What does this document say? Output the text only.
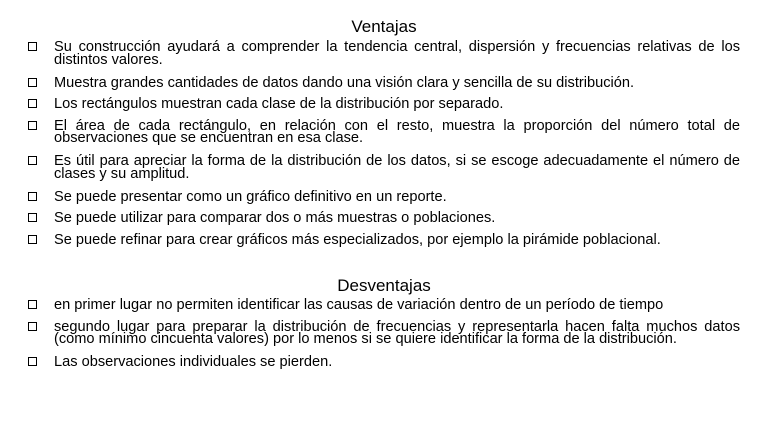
Ventajas
Su construcción ayudará a comprender la tendencia central, dispersión y frecuencias relativas de los distintos valores.
Muestra grandes cantidades de datos dando una visión clara y sencilla de su distribución.
Los rectángulos muestran cada clase de la distribución por separado.
El área de cada rectángulo, en relación con el resto, muestra la proporción del número total de observaciones que se encuentran en esa clase.
Es útil para apreciar la forma de la distribución de los datos, si se escoge adecuadamente el número de clases y su amplitud.
Se puede presentar como un gráfico definitivo en un reporte.
Se puede utilizar para comparar dos o más muestras o poblaciones.
Se puede refinar para crear gráficos más especializados, por ejemplo la pirámide poblacional.
Desventajas
en primer lugar no permiten identificar las causas de variación dentro de un período de tiempo
segundo lugar para preparar la distribución de frecuencias y representarla hacen falta muchos datos (como mínimo cincuenta valores) por lo menos si se quiere identificar la forma de la distribución.
Las observaciones individuales se pierden.
